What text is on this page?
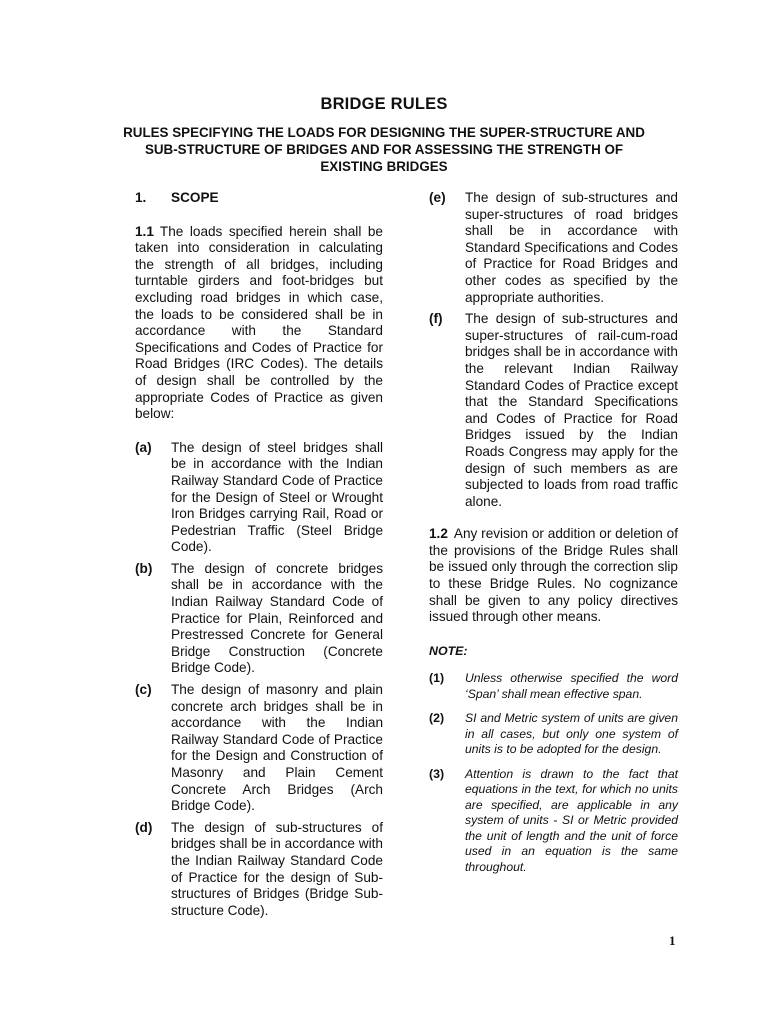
BRIDGE RULES
RULES SPECIFYING THE LOADS FOR DESIGNING THE SUPER-STRUCTURE AND SUB-STRUCTURE OF BRIDGES AND FOR ASSESSING THE STRENGTH OF EXISTING BRIDGES
1. SCOPE

1.1 The loads specified herein shall be taken into consideration in calculating the strength of all bridges, including turntable girders and foot-bridges but excluding road bridges in which case, the loads to be considered shall be in accordance with the Standard Specifications and Codes of Practice for Road Bridges (IRC Codes). The details of design shall be controlled by the appropriate Codes of Practice as given below:

(a)	The design of steel bridges shall be in accordance with the Indian Railway Standard Code of Practice for the Design of Steel or Wrought Iron Bridges carrying Rail, Road or Pedestrian Traffic (Steel Bridge Code).
(b)	The design of concrete bridges shall be in accordance with the Indian Railway Standard Code of Practice for Plain, Reinforced and Prestressed Concrete for General Bridge Construction (Concrete Bridge Code).
(c)	The design of masonry and plain concrete arch bridges shall be in accordance with the Indian Railway Standard Code of Practice for the Design and Construction of Masonry and Plain Cement Concrete Arch Bridges (Arch Bridge Code).
(d)	The design of sub-structures of bridges shall be in accordance with the Indian Railway Standard Code of Practice for the design of Sub-structures of Bridges (Bridge Sub-structure Code).
(e)	The design of sub-structures and super-structures of road bridges shall be in accordance with Standard Specifications and Codes of Practice for Road Bridges and other codes as specified by the appropriate authorities.
(f)	The design of sub-structures and super-structures of rail-cum-road bridges shall be in accordance with the relevant Indian Railway Standard Codes of Practice except that the Standard Specifications and Codes of Practice for Road Bridges issued by the Indian Roads Congress may apply for the design of such members as are subjected to loads from road traffic alone.

1.2 Any revision or addition or deletion of the provisions of the Bridge Rules shall be issued only through the correction slip to these Bridge Rules. No cognizance shall be given to any policy directives issued through other means.

NOTE:
(1)	Unless otherwise specified the word ‘Span’ shall mean effective span.
(2)	SI and Metric system of units are given in all cases, but only one system of units is to be adopted for the design.
(3)	Attention is drawn to the fact that equations in the text, for which no units are specified, are applicable in any system of units - SI or Metric provided the unit of length and the unit of force used in an equation is the same throughout.
1
